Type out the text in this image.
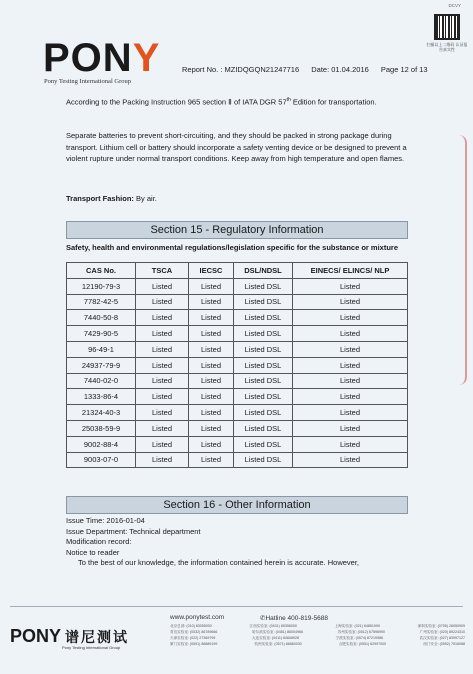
DCVY
扫描以上二维码 认证报告真实性
PONY
Pony Testing International Group
Report No. : MZIDQGQN21247716 Date: 01.04.2016 Page 12 of 13
According to the Packing Instruction 965 section Ⅱ of IATA DGR 57th Edition for transportation.
Separate batteries to prevent short-circuiting, and they should be packed in strong package during transport. Lithium cell or battery should incorporate a safety venting device or be designed to prevent a violent rupture under normal transport conditions. Keep away from high temperature and open flames.
Transport Fashion: By air.
Section 15 - Regulatory Information
Safety, health and environmental regulations/legislation specific for the substance or mixture
CAS No.	TSCA	IECSC	DSL/NDSL	EINECS/ ELINCS/ NLP
12190-79-3	Listed	Listed	Listed DSL	Listed
7782-42-5	Listed	Listed	Listed DSL	Listed
7440-50-8	Listed	Listed	Listed DSL	Listed
7429-90-5	Listed	Listed	Listed DSL	Listed
96-49-1	Listed	Listed	Listed DSL	Listed
24937-79-9	Listed	Listed	Listed DSL	Listed
7440-02-0	Listed	Listed	Listed DSL	Listed
1333-86-4	Listed	Listed	Listed DSL	Listed
21324-40-3	Listed	Listed	Listed DSL	Listed
25038-59-9	Listed	Listed	Listed DSL	Listed
9002-88-4	Listed	Listed	Listed DSL	Listed
9003-07-0	Listed	Listed	Listed DSL	Listed
Section 16 - Other Information
Issue Time: 2016-01-04
Issue Department: Technical department
Modification record:
Notice to reader
To the best of our knowledge, the information contained herein is accurate. However,
PONY 谱尼测试
Pony Testing International Group
www.ponytest.com	✆Hatline 400-819-5688
北京总部: (010) 83055000	江西实验室: (0431) 85356000	上海实验室: (021) 64851999	深圳实验室: (0755) 26050909
青岛实验室: (0532) 86789666	哈尔滨实验室: (0451) 86004966	苏州实验室: (0512) 67596990	广州实验室: (020) 89224310
天津实验室: (022) 27369799	大连实验室: (0411) 84608928	宁波实验室: (0574) 87219986	武汉实验室: (027) 83997127
厦门实验室: (0591) 86889199	杭州实验室: (0571) 86860030	合肥实验室: (0551) 62997000	西门安全: (0592) 7516088
